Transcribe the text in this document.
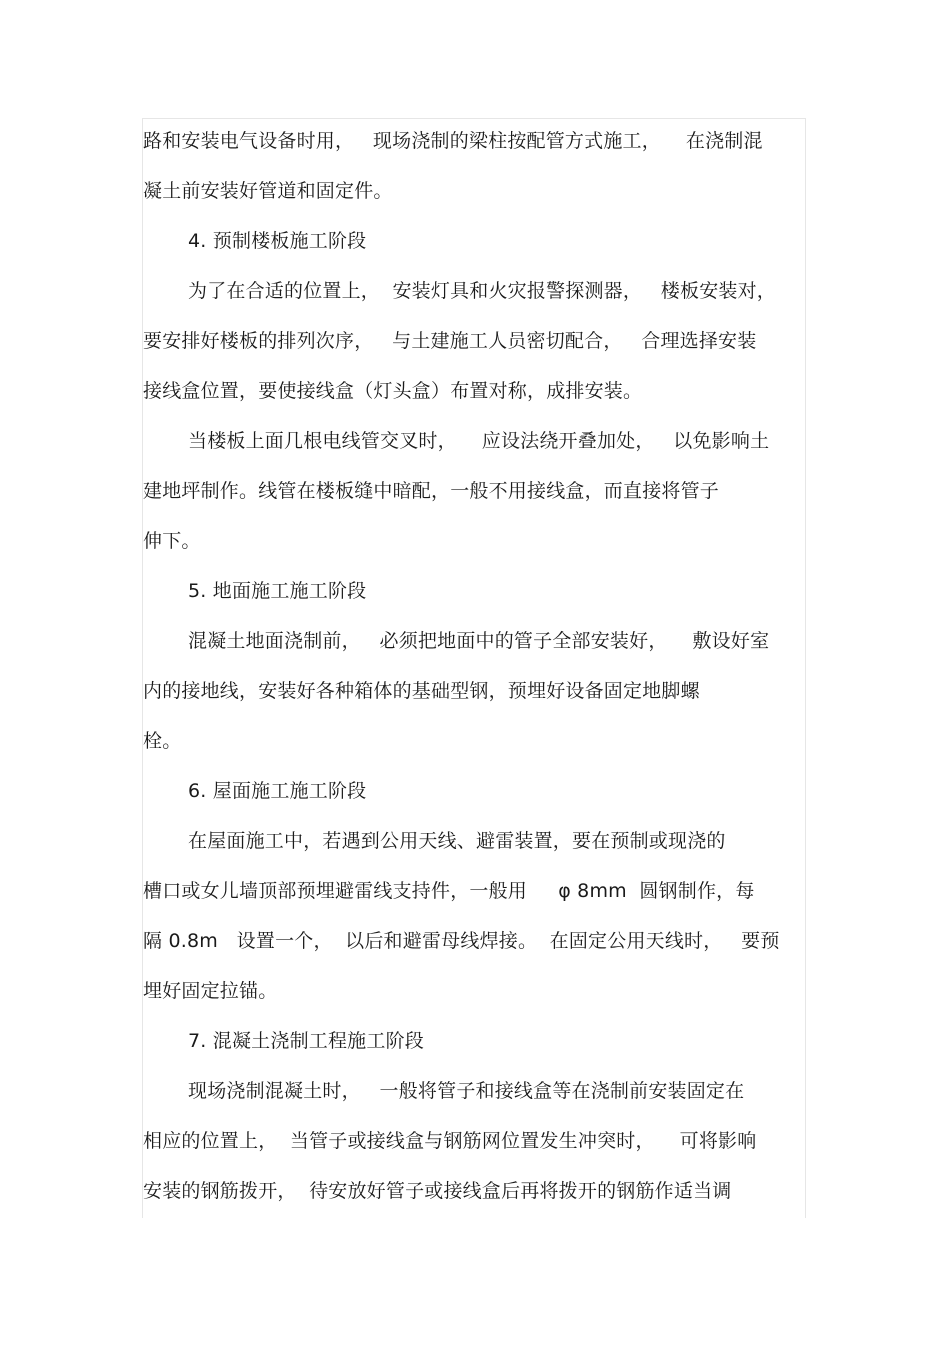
路和安装电气设备时用，   现场浇制的梁柱按配管方式施工，    在浇制混
凝土前安装好管道和固定件。
4. 预制楼板施工阶段
为了在合适的位置上，  安装灯具和火灾报警探测器，   楼板安装对，
要安排好楼板的排列次序，   与土建施工人员密切配合，   合理选择安装
接线盒位置，要使接线盒（灯头盒）布置对称，成排安装。
当楼板上面几根电线管交叉时，    应设法绕开叠加处，   以免影响土
建地坪制作。线管在楼板缝中暗配，一般不用接线盒，而直接将管子
伸下。
5. 地面施工施工阶段
混凝土地面浇制前，   必须把地面中的管子全部安装好，    敷设好室
内的接地线，安装好各种箱体的基础型钢，预埋好设备固定地脚螺
栓。
6. 屋面施工施工阶段
在屋面施工中，若遇到公用天线、避雷装置，要在预制或现浇的
槽口或女儿墙顶部预埋避雷线支持件，一般用     φ 8mm  圆钢制作，每
隔 0.8m   设置一个，  以后和避雷母线焊接。  在固定公用天线时，   要预
埋好固定拉锚。
7. 混凝土浇制工程施工阶段
现场浇制混凝土时，   一般将管子和接线盒等在浇制前安装固定在
相应的位置上，  当管子或接线盒与钢筋网位置发生冲突时，    可将影响
安装的钢筋拨开，  待安放好管子或接线盒后再将拨开的钢筋作适当调
